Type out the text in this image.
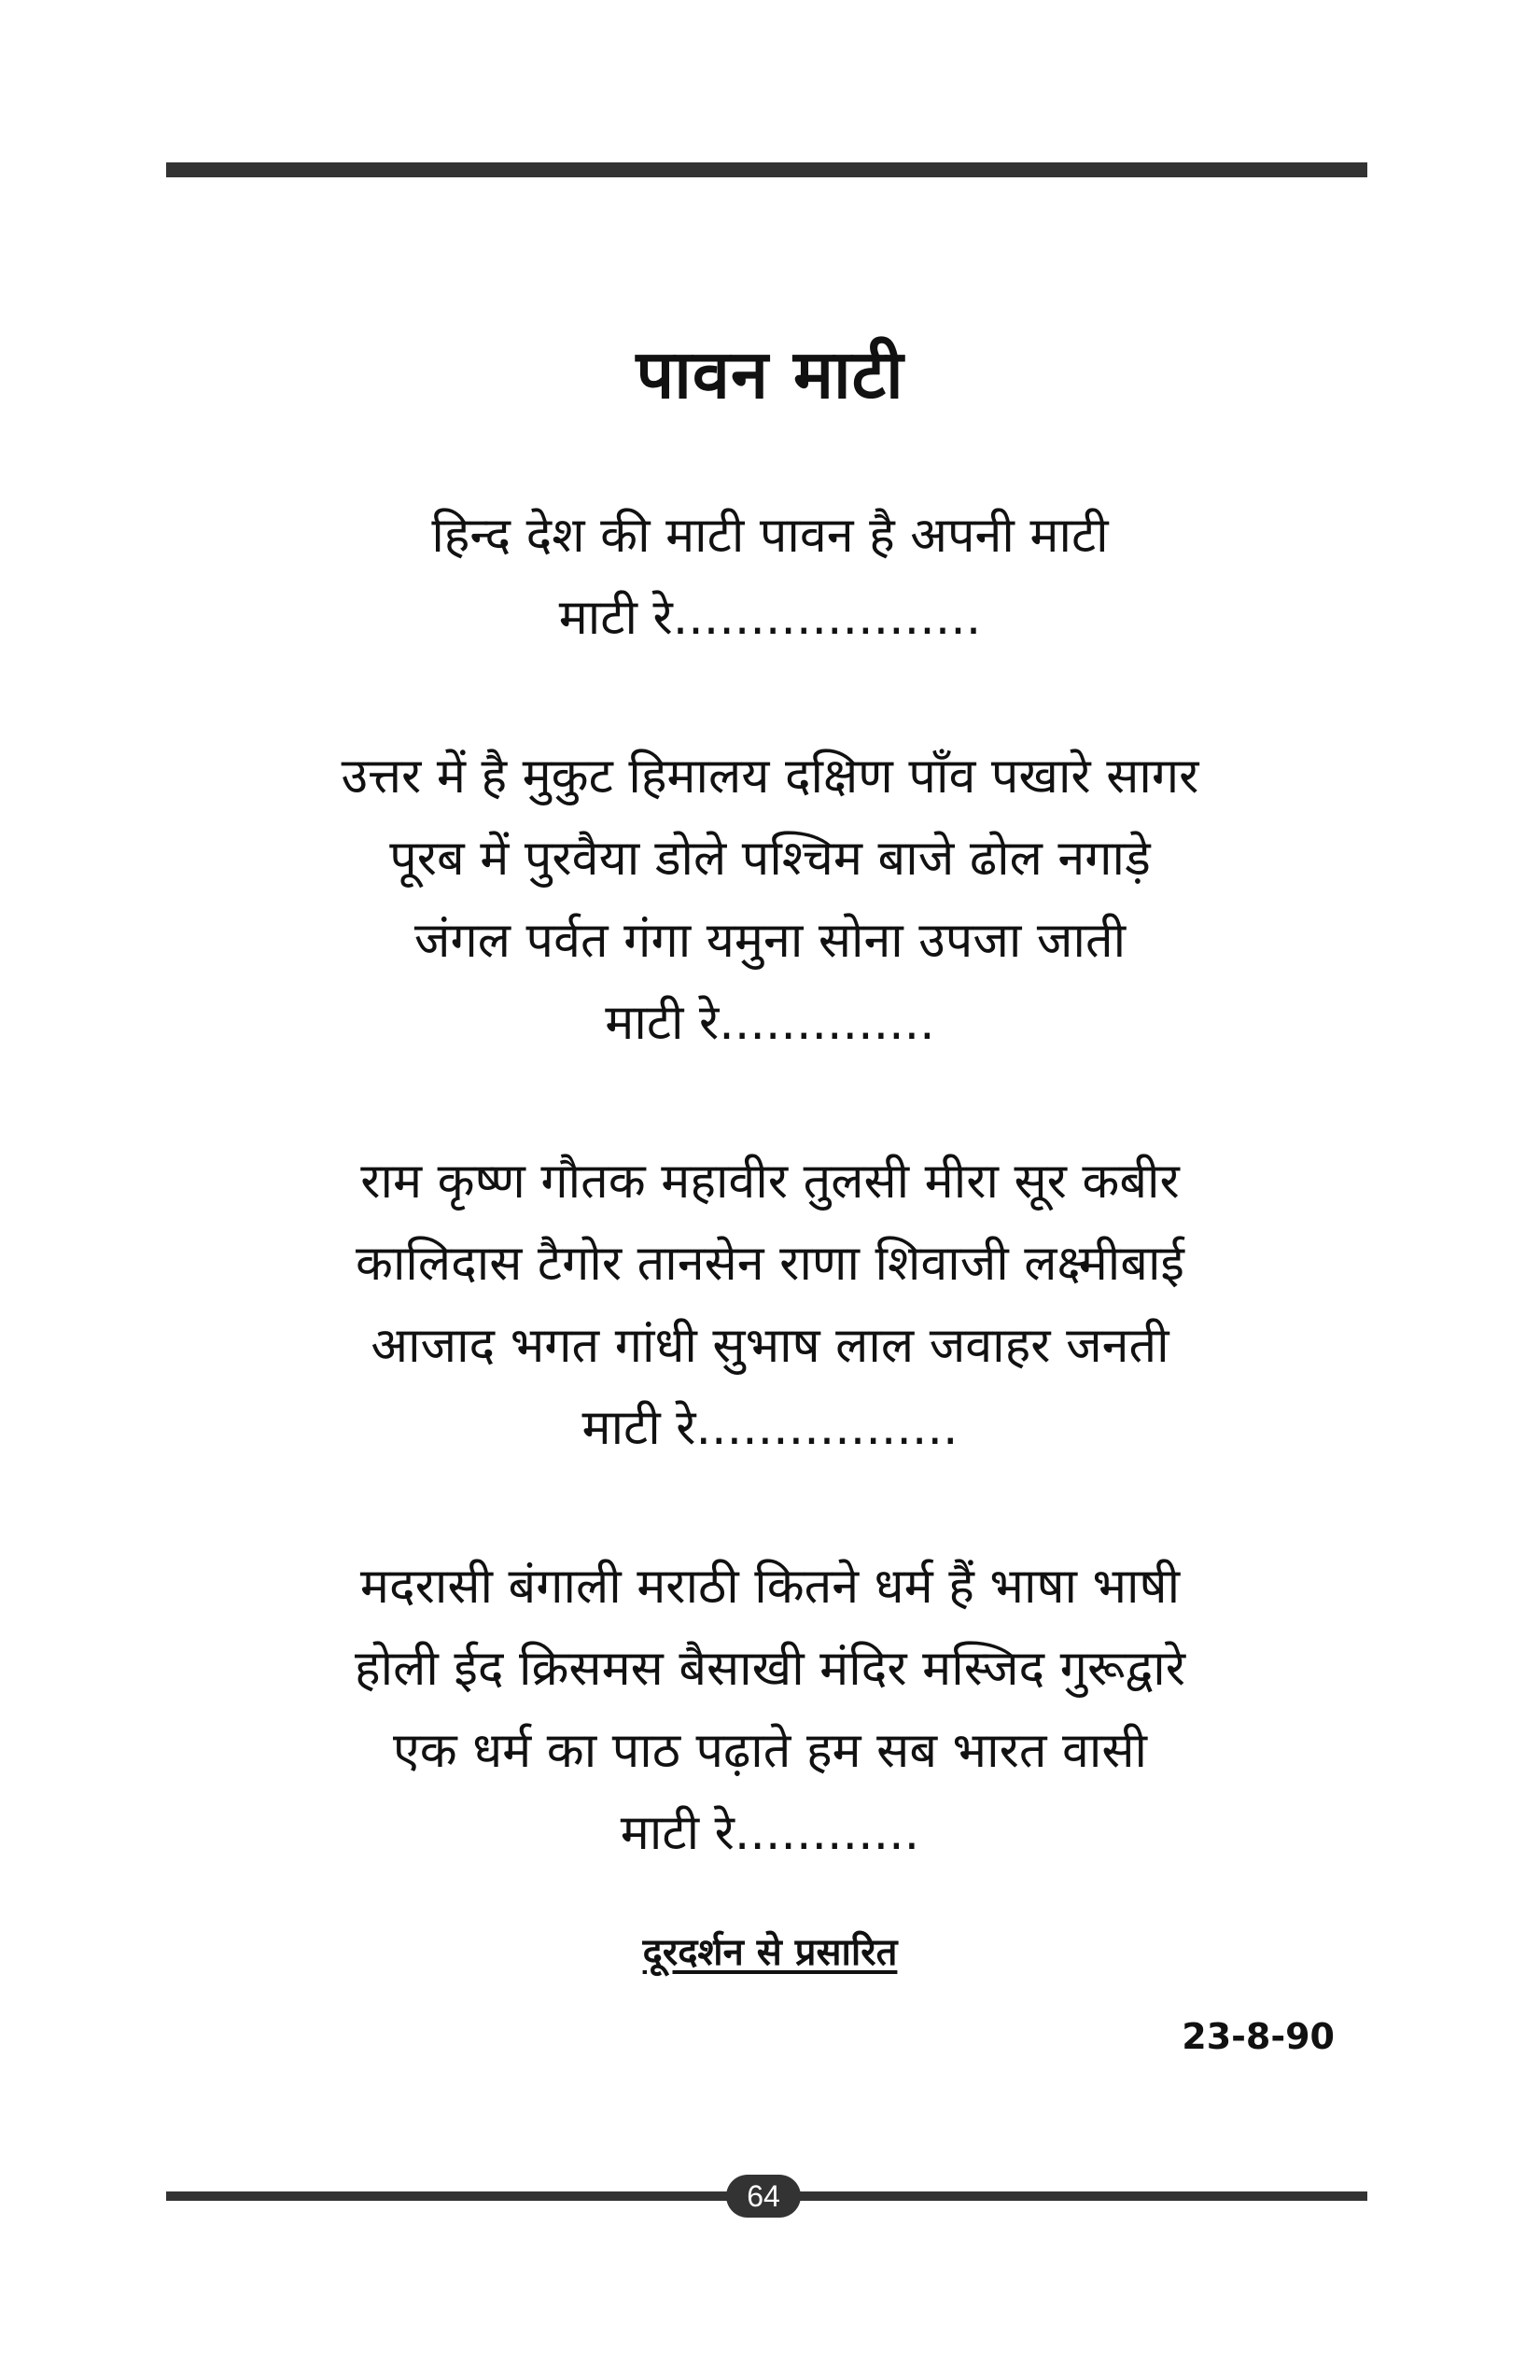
पावन माटी
हिन्द देश की माटी पावन है अपनी माटी
माटी रे....................
उत्तर में है मुकुट हिमालय दक्षिण पाँव पखारे सागर
पूरब में पुरवैया डोले पश्चिम बाजे ढोल नगाड़े
जंगल पर्वत गंगा यमुना सोना उपजा जाती
माटी रे..............
राम कृष्ण गौतक महावीर तुलसी मीरा सूर कबीर
कालिदास टैगोर तानसेन राणा शिवाजी लक्ष्मीबाई
आजाद भगत गांधी सुभाष लाल जवाहर जनती
माटी रे.................
मदरासी बंगाली मराठी कितने धर्म हैं भाषा भाषी
होली ईद क्रिसमस बैसाखी मंदिर मस्जिद गुरूद्वारे
एक धर्म का पाठ पढ़ाते हम सब भारत वासी
माटी रे............
दूरदर्शन से प्रसारित
23-8-90
64
